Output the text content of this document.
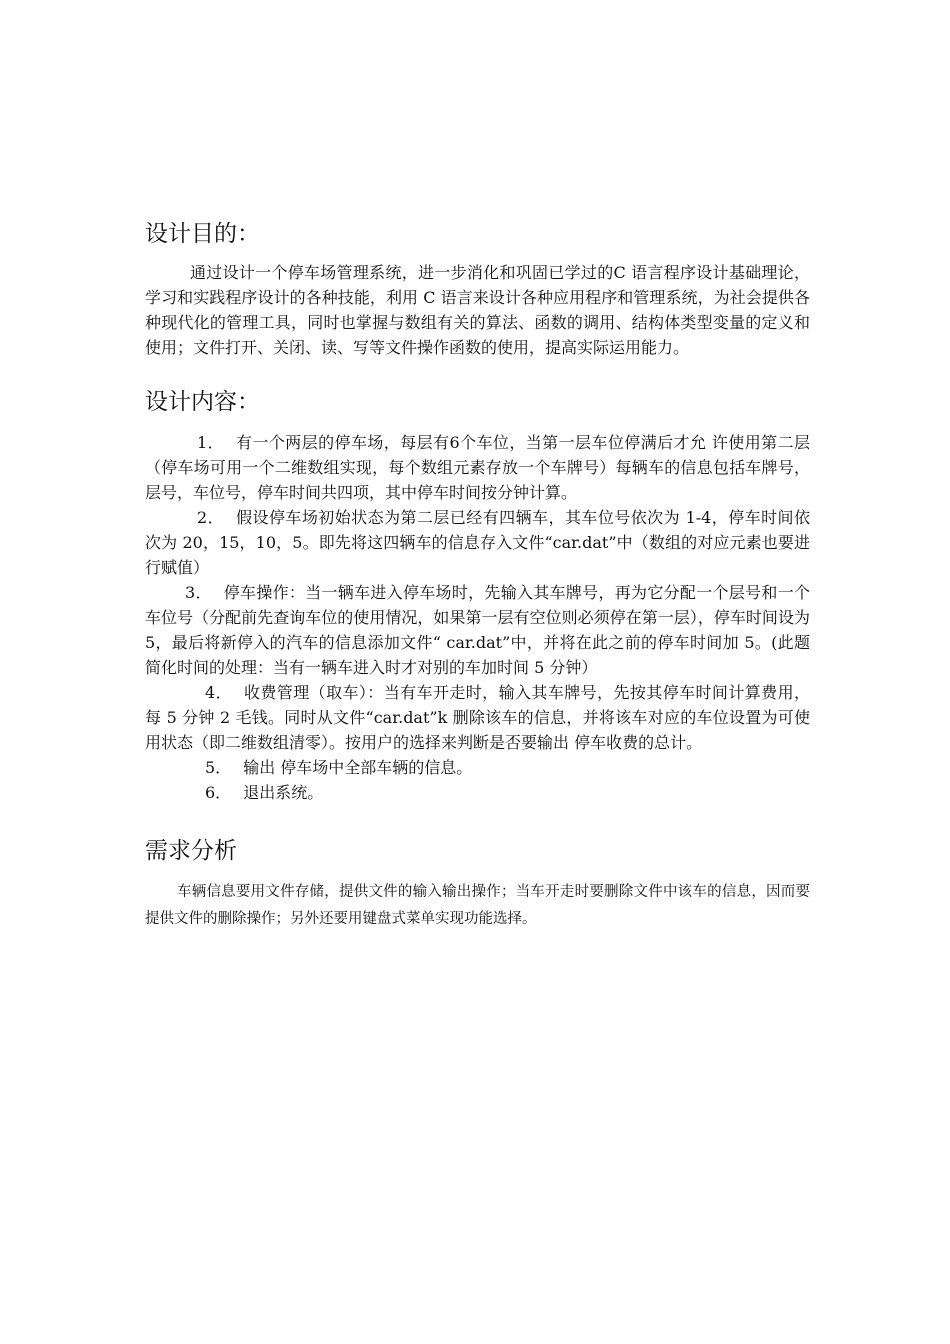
设计目的：

通过设计一个停车场管理系统，进一步消化和巩固已学过的C 语言程序设计基础理论，学习和实践程序设计的各种技能，利用 C 语言来设计各种应用程序和管理系统，为社会提供各种现代化的管理工具，同时也掌握与数组有关的算法、函数的调用、结构体类型变量的定义和使用；文件打开、关闭、读、写等文件操作函数的使用，提高实际运用能力。

设计内容：

1． 有一个两层的停车场，每层有6个车位，当第一层车位停满后才允 许使用第二层（停车场可用一个二维数组实现，每个数组元素存放一个车牌号）每辆车的信息包括车牌号，层号，车位号，停车时间共四项，其中停车时间按分钟计算。

2． 假设停车场初始状态为第二层已经有四辆车，其车位号依次为 1-4，停车时间依次为 20，15，10，5。即先将这四辆车的信息存入文件“car.dat”中（数组的对应元素也要进行赋值）

3． 停车操作：当一辆车进入停车场时，先输入其车牌号，再为它分配一个层号和一个车位号（分配前先查询车位的使用情况，如果第一层有空位则必须停在第一层），停车时间设为 5，最后将新停入的汽车的信息添加文件“ car.dat”中，并将在此之前的停车时间加 5。(此题简化时间的处理：当有一辆车进入时才对别的车加时间 5 分钟）

4． 收费管理（取车）：当有车开走时，输入其车牌号，先按其停车时间计算费用，每 5 分钟 2 毛钱。同时从文件“car.dat”k 删除该车的信息，并将该车对应的车位设置为可使用状态（即二维数组清零）。按用户的选择来判断是否要输出 停车收费的总计。

5． 输出 停车场中全部车辆的信息。

6． 退出系统。

需求分析

车辆信息要用文件存储，提供文件的输入输出操作；当车开走时要删除文件中该车的信息，因而要提供文件的删除操作；另外还要用键盘式菜单实现功能选择。
